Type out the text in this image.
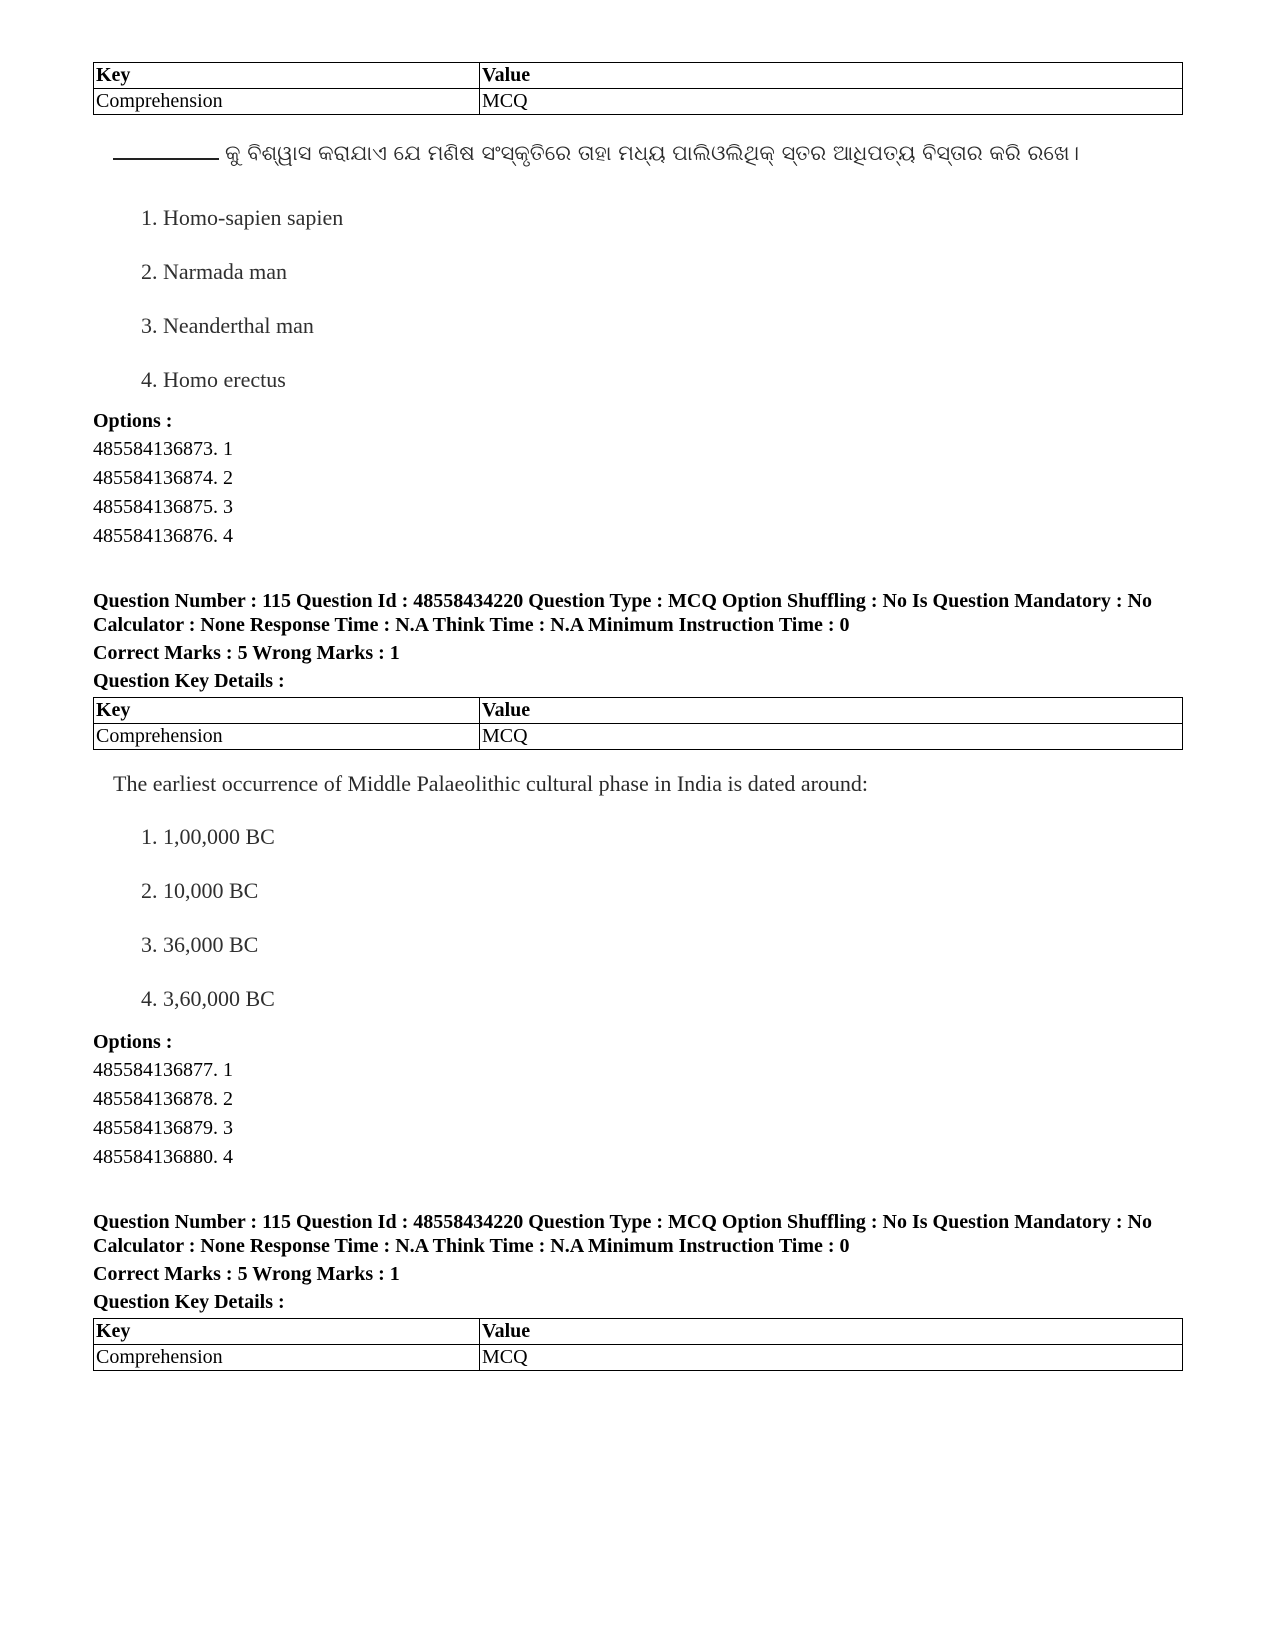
Key	Value
Comprehension	MCQ
କୁ ବିଶ୍ୱାସ କରାଯାଏ ଯେ ମଣିଷ ସଂସ୍କୃତିରେ ତାହା ମଧ୍ୟ ପାଲିଓଲିଥିକ୍ ସ୍ତର ଆଧିପତ୍ୟ ବିସ୍ତାର କରି ରଖେ।
1. Homo-sapien sapien
2. Narmada man
3. Neanderthal man
4. Homo erectus
Options :
485584136873. 1
485584136874. 2
485584136875. 3
485584136876. 4
Question Number : 115 Question Id : 48558434220 Question Type : MCQ Option Shuffling : No Is Question Mandatory : No Calculator : None Response Time : N.A Think Time : N.A Minimum Instruction Time : 0
Correct Marks : 5 Wrong Marks : 1
Question Key Details :
Key	Value
Comprehension	MCQ
The earliest occurrence of Middle Palaeolithic cultural phase in India is dated around:
1. 1,00,000 BC
2. 10,000 BC
3. 36,000 BC
4. 3,60,000 BC
Options :
485584136877. 1
485584136878. 2
485584136879. 3
485584136880. 4
Question Number : 115 Question Id : 48558434220 Question Type : MCQ Option Shuffling : No Is Question Mandatory : No Calculator : None Response Time : N.A Think Time : N.A Minimum Instruction Time : 0
Correct Marks : 5 Wrong Marks : 1
Question Key Details :
Key	Value
Comprehension	MCQ
